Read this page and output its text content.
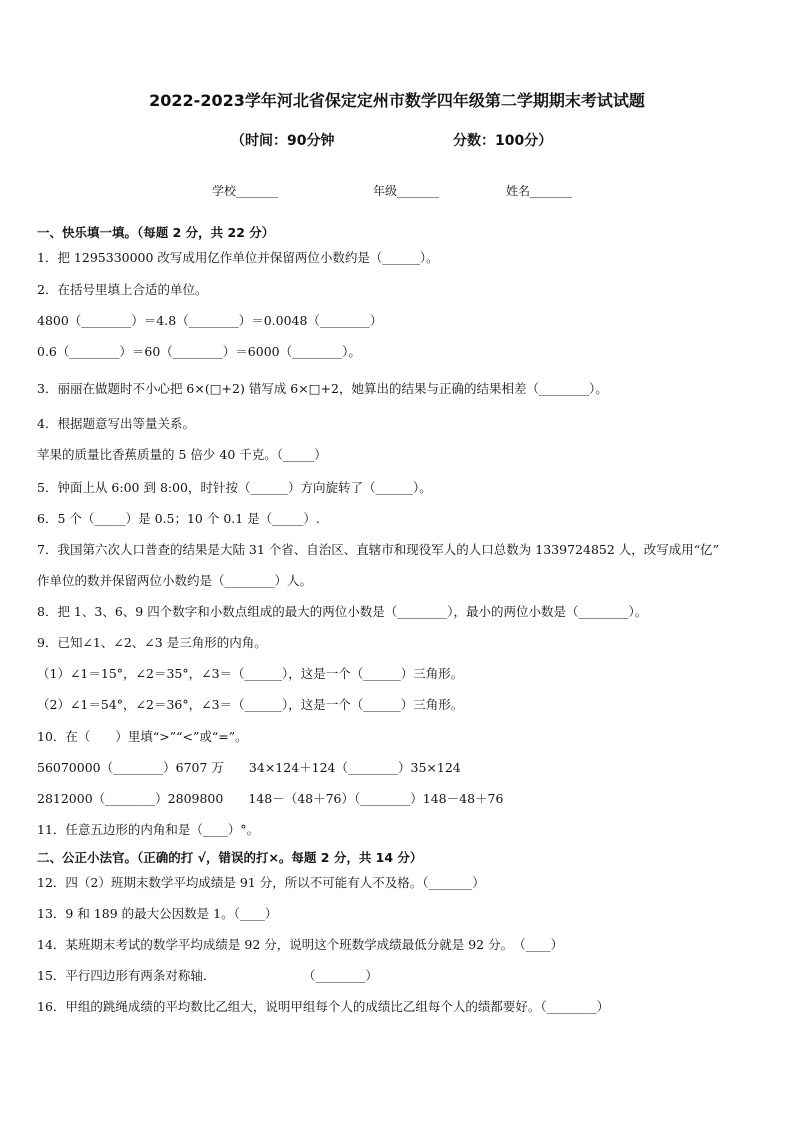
2022-2023学年河北省保定定州市数学四年级第二学期期末考试试题
（时间：90分钟	分数：100分）
学校_______	年级_______	姓名_______
一、快乐填一填。（每题 2 分，共 22 分）
1．把 1295330000 改写成用亿作单位并保留两位小数约是（______）。
2．在括号里填上合适的单位。
4800（________）＝4.8（________）＝0.0048（________）
0.6（________）＝60（________）＝6000（________）。
3．丽丽在做题时不小心把 6×(□+2) 错写成 6×□+2，她算出的结果与正确的结果相差（________）。
4．根据题意写出等量关系。
苹果的质量比香蕉质量的 5 倍少 40 千克。（_____）
5．钟面上从 6:00 到 8:00，时针按（______）方向旋转了（______）。
6．5 个（_____）是 0.5；10 个 0.1 是（_____）.
7．我国第六次人口普查的结果是大陆 31 个省、自治区、直辖市和现役军人的人口总数为 1339724852 人，改写成用“亿”
作单位的数并保留两位小数约是（________）人。
8．把 1、3、6、9 四个数字和小数点组成的最大的两位小数是（________），最小的两位小数是（________）。
9．已知∠1、∠2、∠3 是三角形的内角。
（1）∠1＝15°，∠2＝35°，∠3＝（______），这是一个（______）三角形。
（2）∠1＝54°，∠2＝36°，∠3＝（______），这是一个（______）三角形。
10．在（　　）里填“>”“<”或“=”。
56070000（________）6707 万　　34×124＋124（________）35×124
2812000（________）2809800　　148－（48＋76）（________）148－48＋76
11．任意五边形的内角和是（____）°。
二、公正小法官。（正确的打 √，错误的打×。每题 2 分，共 14 分）
12．四（2）班期末数学平均成绩是 91 分，所以不可能有人不及格。（_______）
13．9 和 189 的最大公因数是 1。（____）
14．某班期末考试的数学平均成绩是 92 分，说明这个班数学成绩最低分就是 92 分。　（____）
15．平行四边形有两条对称轴．　　　　　　　　（________）
16．甲组的跳绳成绩的平均数比乙组大，说明甲组每个人的成绩比乙组每个人的绩都要好。（________）
